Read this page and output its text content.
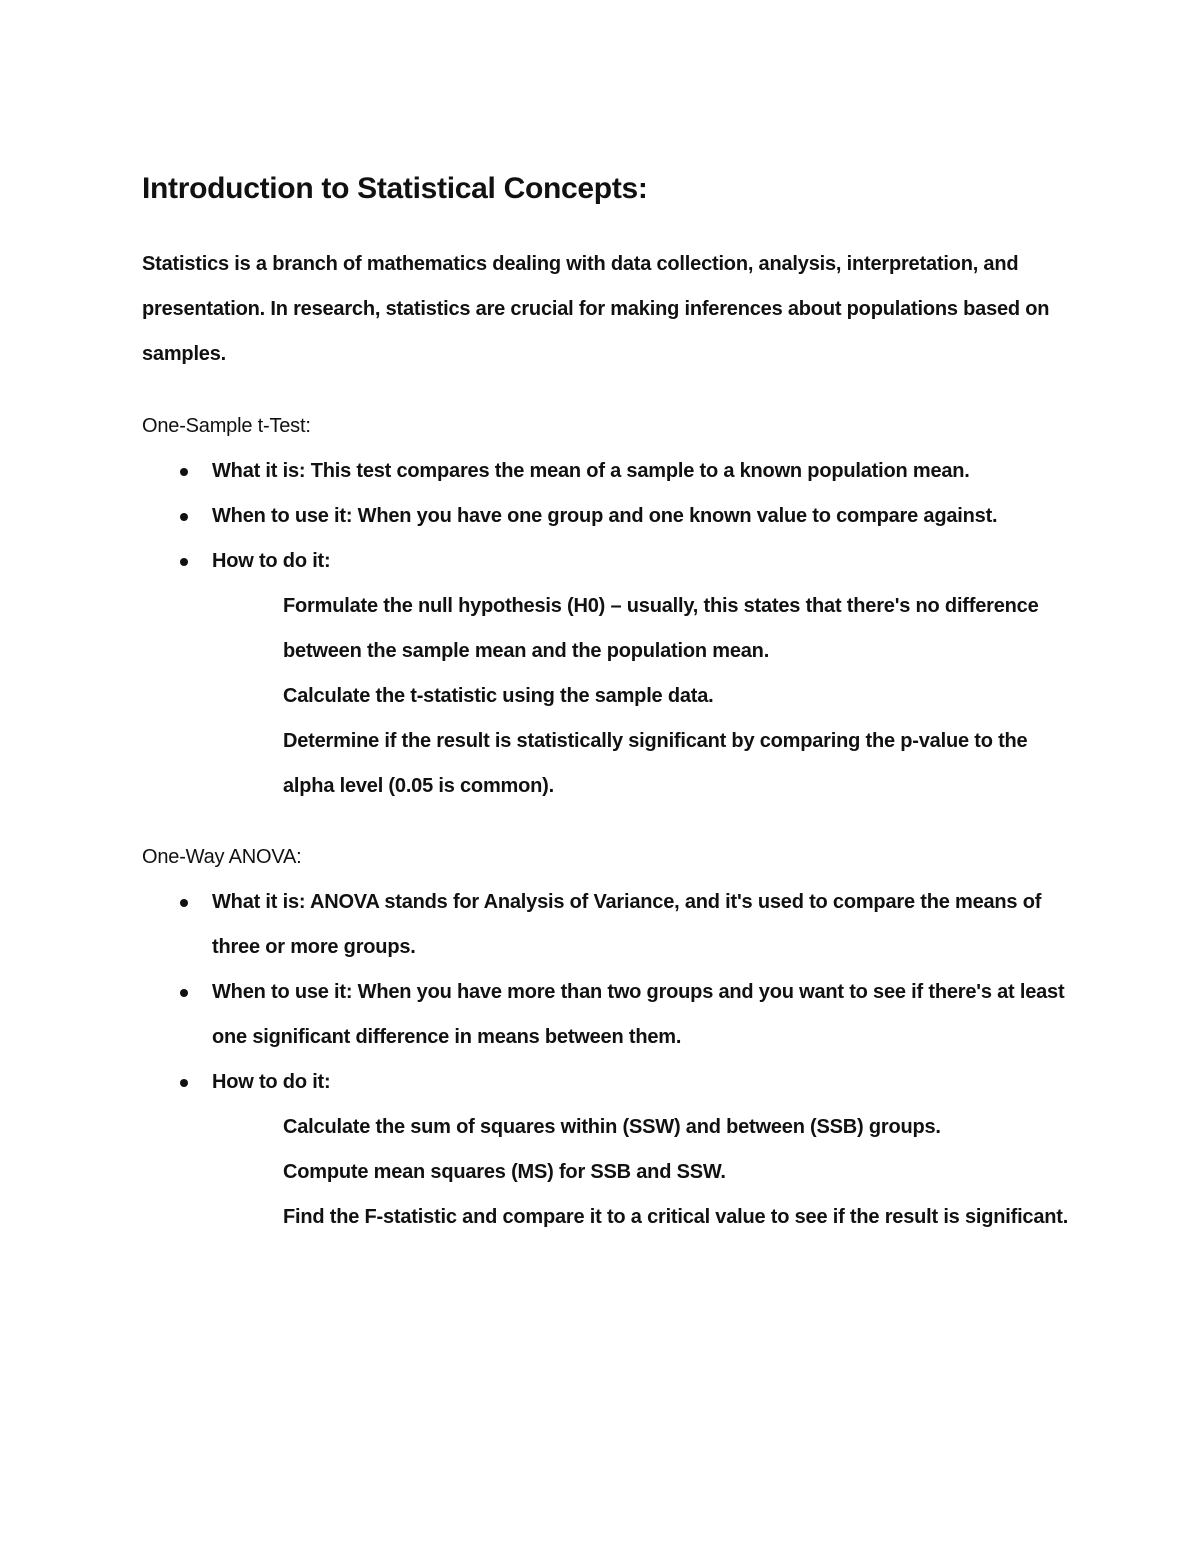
Introduction to Statistical Concepts:

Statistics is a branch of mathematics dealing with data collection, analysis, interpretation, and presentation. In research, statistics are crucial for making inferences about populations based on samples.

One-Sample t-Test:
What it is: This test compares the mean of a sample to a known population mean.
When to use it: When you have one group and one known value to compare against.
How to do it:
Formulate the null hypothesis (H0) – usually, this states that there's no difference between the sample mean and the population mean.
Calculate the t-statistic using the sample data.
Determine if the result is statistically significant by comparing the p-value to the alpha level (0.05 is common).
One-Way ANOVA:
What it is: ANOVA stands for Analysis of Variance, and it's used to compare the means of three or more groups.
When to use it: When you have more than two groups and you want to see if there's at least one significant difference in means between them.
How to do it:
Calculate the sum of squares within (SSW) and between (SSB) groups.
Compute mean squares (MS) for SSB and SSW.
Find the F-statistic and compare it to a critical value to see if the result is significant.
